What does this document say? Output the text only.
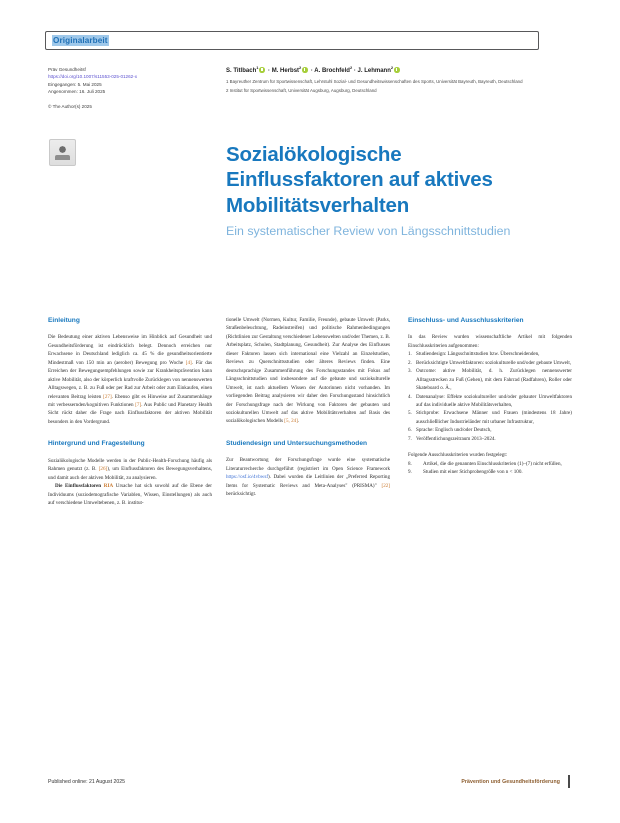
Originalarbeit
Präv Gesundheitsf
https://doi.org/10.1007/s11553-025-01262-x
Eingegangen: 5. Mai 2025
Angenommen: 16. Juli 2025
© The Author(s) 2025
S. Titlbach$^1$ · M. Herbst$^2$ · A. Brochfeld$^2$ · J. Lehmann$^2$
1 Bayreuther Zentrum für Sportwissenschaft, Lehrstuhl Sozial- und Gesundheitswissenschaften des Sports, Universität Bayreuth, Bayreuth, Deutschland
2 Institut für Sportwissenschaft, Universität Augsburg, Augsburg, Deutschland
Sozialökologische Einflussfaktoren auf aktives Mobilitätsverhalten
Ein systematischer Review von Längsschnittstudien
Einleitung

Die Bedeutung einer aktiven Lebensweise im Hinblick auf Gesundheit und Gesundheitsförderung ist eindrücklich belegt. Dennoch erreichen nur Erwachsene in Deutschland lediglich ca. 45 % die gesundheitsorientierte Mindestmaß von 150 min an (aerober) Bewegung pro Woche [4]. Für das Erreichen der Bewegungsempfehlungen sowie zur Krankheitsprävention kann aktive Mobilität, also der körperlich kraftvolle Zurücklegen von nennenswerten Alltagswegen, z. B. zu Fuß oder per Rad zur Arbeit oder zum Einkaufen, einen relevanten Beitrag leisten [27]. Ebenso gibt es Hinweise auf Zusammenhänge mit verbessernden/kognitiven Funktionen [7]. Aus Public und Planetary Health Sicht rückt daher die Frage nach Einflussfaktoren der aktiven Mobilität besonders in den Vordergrund.

Hintergrund und Fragestellung

Sozialökologische Modelle werden in der Public-Health-Forschung häufig als Rahmen genutzt (z. B. [26]), um Einflussfaktoren des Bewegungsverhaltens, und damit auch der aktiven Mobilität, zu analysieren.

Die Einflussfaktoren RIA Ursache hat sich sowohl auf die Ebene der Individuums (soziodemografische Variablen, Wissen, Einstellungen) als auch auf verschiedene Umweltebenen, z. B. institut-

tionelle Umwelt (Normen, Kultur, Familie, Freunde), gebaute Umwelt (Parks, Straßenbeleuchtung, Radeinstreifen) und politische Rahmenbedingungen (Richtlinien zur Gestaltung verschiedener Lebenswelten und/oder Themen, z. B. Arbeitsplatz, Schulen, Stadtplanung, Gesundheit). Zur Analyse des Einflusses dieser Faktoren lassen sich international eine Vielzahl an Einzelstudien, Reviews zu Querschnittsstudien oder älteres Reviews finden. Eine deutschsprachige Zusammenführung des Forschungsstandes mit Fokus auf Längsschnittstudien und insbesondere auf die gebaute und soziokulturelle Umwelt, ist nach aktuellem Wissen der Autorinnen nicht vorhanden. Im vorliegenden Beitrag analysieren wir daher den Forschungsstand hinsichtlich der Forschungsfrage nach der Wirkung von Faktoren der gebauten und soziokulturellen Umwelt auf das aktive Mobilitätsverhalten auf Basis des sozialökologischen Modells [5, 24].

Studiendesign und Untersuchungsmethoden

Zur Beantwortung der Forschungsfrage wurde eine systematische Literaturrecherche durchgeführt (registriert im Open Science Framework https://osf.io/4vbwsf). Dabei wurden die Leitlinien der „Preferred Reporting Items for Systematic Reviews and Meta-Analyses" (PRISMA)" [22] berücksichtigt.

Einschluss- und Ausschlusskriterien

In das Review wurden wissenschaftliche Artikel mit folgenden Einschlusskriterien aufgenommen:

Studiendesign: Längsschnittstudien bzw. Überschneidenden,
Berücksichtigte Umweltfaktoren: soziokulturelle und/oder gebaute Umwelt,
Outcome: aktive Mobilität, d. h. Zurücklegen nennenswerter Alltagsstrecken zu Fuß (Gehen), mit dem Fahrrad (Radfahren), Roller oder Skateboard o. Ä.,
Datenanalyse: Effekte soziokultureller und/oder gebauter Umweltfaktoren auf das individuelle aktive Mobilitätsverhalten,
Stichprobe: Erwachsene Männer und Frauen (mindestens 18 Jahre) ausschließlicher Industrieländer mit urbaner Infrastruktur,
Sprache: Englisch und/oder Deutsch,
Veröffentlichungszeitraum 2013–2024.

Folgende Ausschlusskriterien wurden festgelegt:

Artikel, die die genannten Einschlusskriterien (1)–(7) nicht erfüllen,
Studien mit einer Stichprobengröße von n < 100.
Published online: 21 August 2025	Prävention und Gesundheitsförderung
